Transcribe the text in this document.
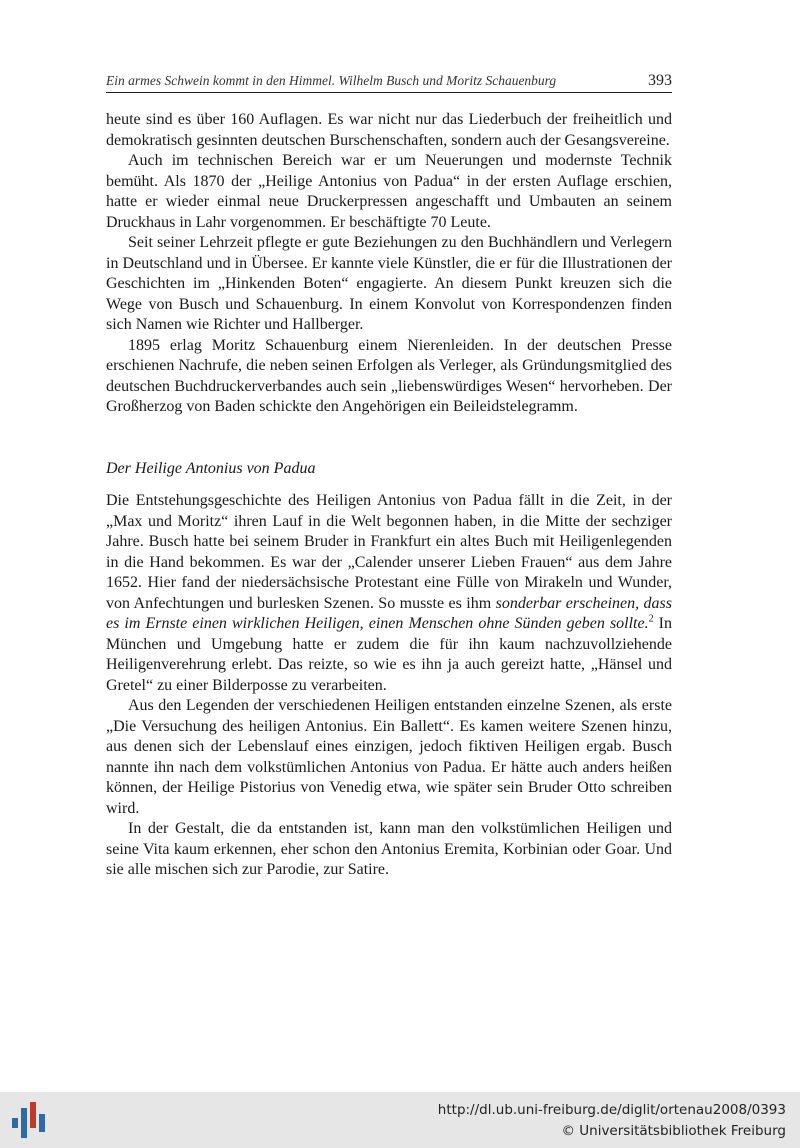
Ein armes Schwein kommt in den Himmel. Wilhelm Busch und Moritz Schauenburg	393

heute sind es über 160 Auflagen. Es war nicht nur das Liederbuch der freiheitlich und demokratisch gesinnten deutschen Burschenschaften, sondern auch der Gesangsvereine.

Auch im technischen Bereich war er um Neuerungen und modernste Technik bemüht. Als 1870 der „Heilige Antonius von Padua“ in der ersten Auflage erschien, hatte er wieder einmal neue Druckerpressen angeschafft und Umbauten an seinem Druckhaus in Lahr vorgenommen. Er beschäftigte 70 Leute.

Seit seiner Lehrzeit pflegte er gute Beziehungen zu den Buchhändlern und Verlegern in Deutschland und in Übersee. Er kannte viele Künstler, die er für die Illustrationen der Geschichten im „Hinkenden Boten“ engagierte. An diesem Punkt kreuzen sich die Wege von Busch und Schauenburg. In einem Konvolut von Korrespondenzen finden sich Namen wie Richter und Hallberger.

1895 erlag Moritz Schauenburg einem Nierenleiden. In der deutschen Presse erschienen Nachrufe, die neben seinen Erfolgen als Verleger, als Gründungsmitglied des deutschen Buchdruckerverbandes auch sein „liebenswürdiges Wesen“ hervorheben. Der Großherzog von Baden schickte den Angehörigen ein Beileidstelegramm.

Der Heilige Antonius von Padua

Die Entstehungsgeschichte des Heiligen Antonius von Padua fällt in die Zeit, in der „Max und Moritz“ ihren Lauf in die Welt begonnen haben, in die Mitte der sechziger Jahre. Busch hatte bei seinem Bruder in Frankfurt ein altes Buch mit Heiligenlegenden in die Hand bekommen. Es war der „Calender unserer Lieben Frauen“ aus dem Jahre 1652. Hier fand der niedersächsische Protestant eine Fülle von Mirakeln und Wunder, von Anfechtungen und burlesken Szenen. So musste es ihm sonderbar erscheinen, dass es im Ernste einen wirklichen Heiligen, einen Menschen ohne Sünden geben sollte.$^2$ In München und Umgebung hatte er zudem die für ihn kaum nachzuvollziehende Heiligenverehrung erlebt. Das reizte, so wie es ihn ja auch gereizt hatte, „Hänsel und Gretel“ zu einer Bilderposse zu verarbeiten.

Aus den Legenden der verschiedenen Heiligen entstanden einzelne Szenen, als erste „Die Versuchung des heiligen Antonius. Ein Ballett“. Es kamen weitere Szenen hinzu, aus denen sich der Lebenslauf eines einzigen, jedoch fiktiven Heiligen ergab. Busch nannte ihn nach dem volkstümlichen Antonius von Padua. Er hätte auch anders heißen können, der Heilige Pistorius von Venedig etwa, wie später sein Bruder Otto schreiben wird.

In der Gestalt, die da entstanden ist, kann man den volkstümlichen Heiligen und seine Vita kaum erkennen, eher schon den Antonius Eremita, Korbinian oder Goar. Und sie alle mischen sich zur Parodie, zur Satire.

http://dl.ub.uni-freiburg.de/diglit/ortenau2008/0393
© Universitätsbibliothek Freiburg
